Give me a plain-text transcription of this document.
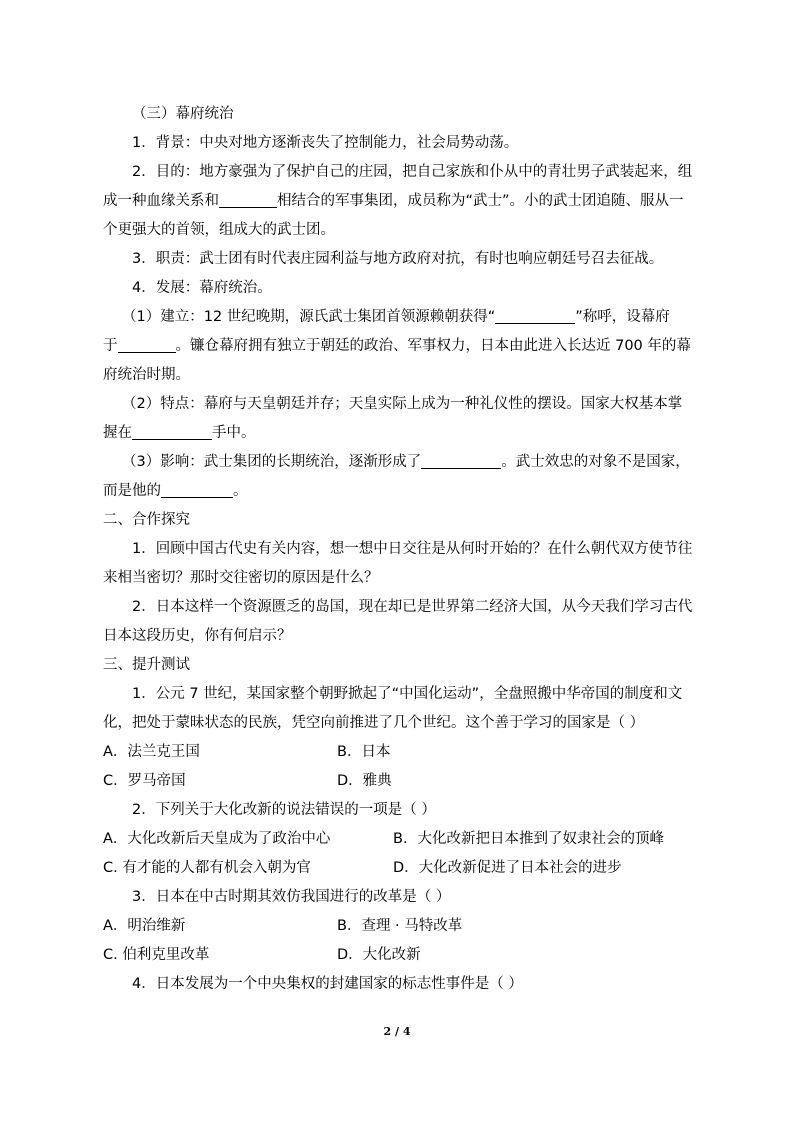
（三）幕府统治
1．背景：中央对地方逐渐丧失了控制能力，社会局势动荡。
2．目的：地方豪强为了保护自己的庄园，把自己家族和仆从中的青壮男子武装起来，组
成一种血缘关系和	相结合的军事集团，成员称为“武士”。小的武士团追随、服从一
个更强大的首领，组成大的武士团。
3．职责：武士团有时代表庄园利益与地方政府对抗，有时也响应朝廷号召去征战。
4．发展：幕府统治。
（1）建立：12 世纪晚期，源氏武士集团首领源赖朝获得“	”称呼，设幕府
于	。镰仓幕府拥有独立于朝廷的政治、军事权力，日本由此进入长达近 700 年的幕
府统治时期。
（2）特点：幕府与天皇朝廷并存；天皇实际上成为一种礼仪性的摆设。国家大权基本掌
握在	手中。
（3）影响：武士集团的长期统治，逐渐形成了	。武士效忠的对象不是国家，
而是他的	。
二、合作探究
1．回顾中国古代史有关内容，想一想中日交往是从何时开始的？在什么朝代双方使节往
来相当密切？那时交往密切的原因是什么？
2．日本这样一个资源匮乏的岛国，现在却已是世界第二经济大国，从今天我们学习古代
日本这段历史，你有何启示？
三、提升测试
1．公元 7 世纪，某国家整个朝野掀起了“中国化运动”，全盘照搬中华帝国的制度和文
化，把处于蒙昧状态的民族，凭空向前推进了几个世纪。这个善于学习的国家是（ ）
A．法兰克王国	B．日本
C．罗马帝国	D．雅典
2．下列关于大化改新的说法错误的一项是（ ）
A．大化改新后天皇成为了政治中心	B．大化改新把日本推到了奴隶社会的顶峰
C. 有才能的人都有机会入朝为官	D．大化改新促进了日本社会的进步
3．日本在中古时期其效仿我国进行的改革是（ ）
A．明治维新	B．查理 · 马特改革
C. 伯利克里改革	D．大化改新
4．日本发展为一个中央集权的封建国家的标志性事件是（ ）
2 / 4
